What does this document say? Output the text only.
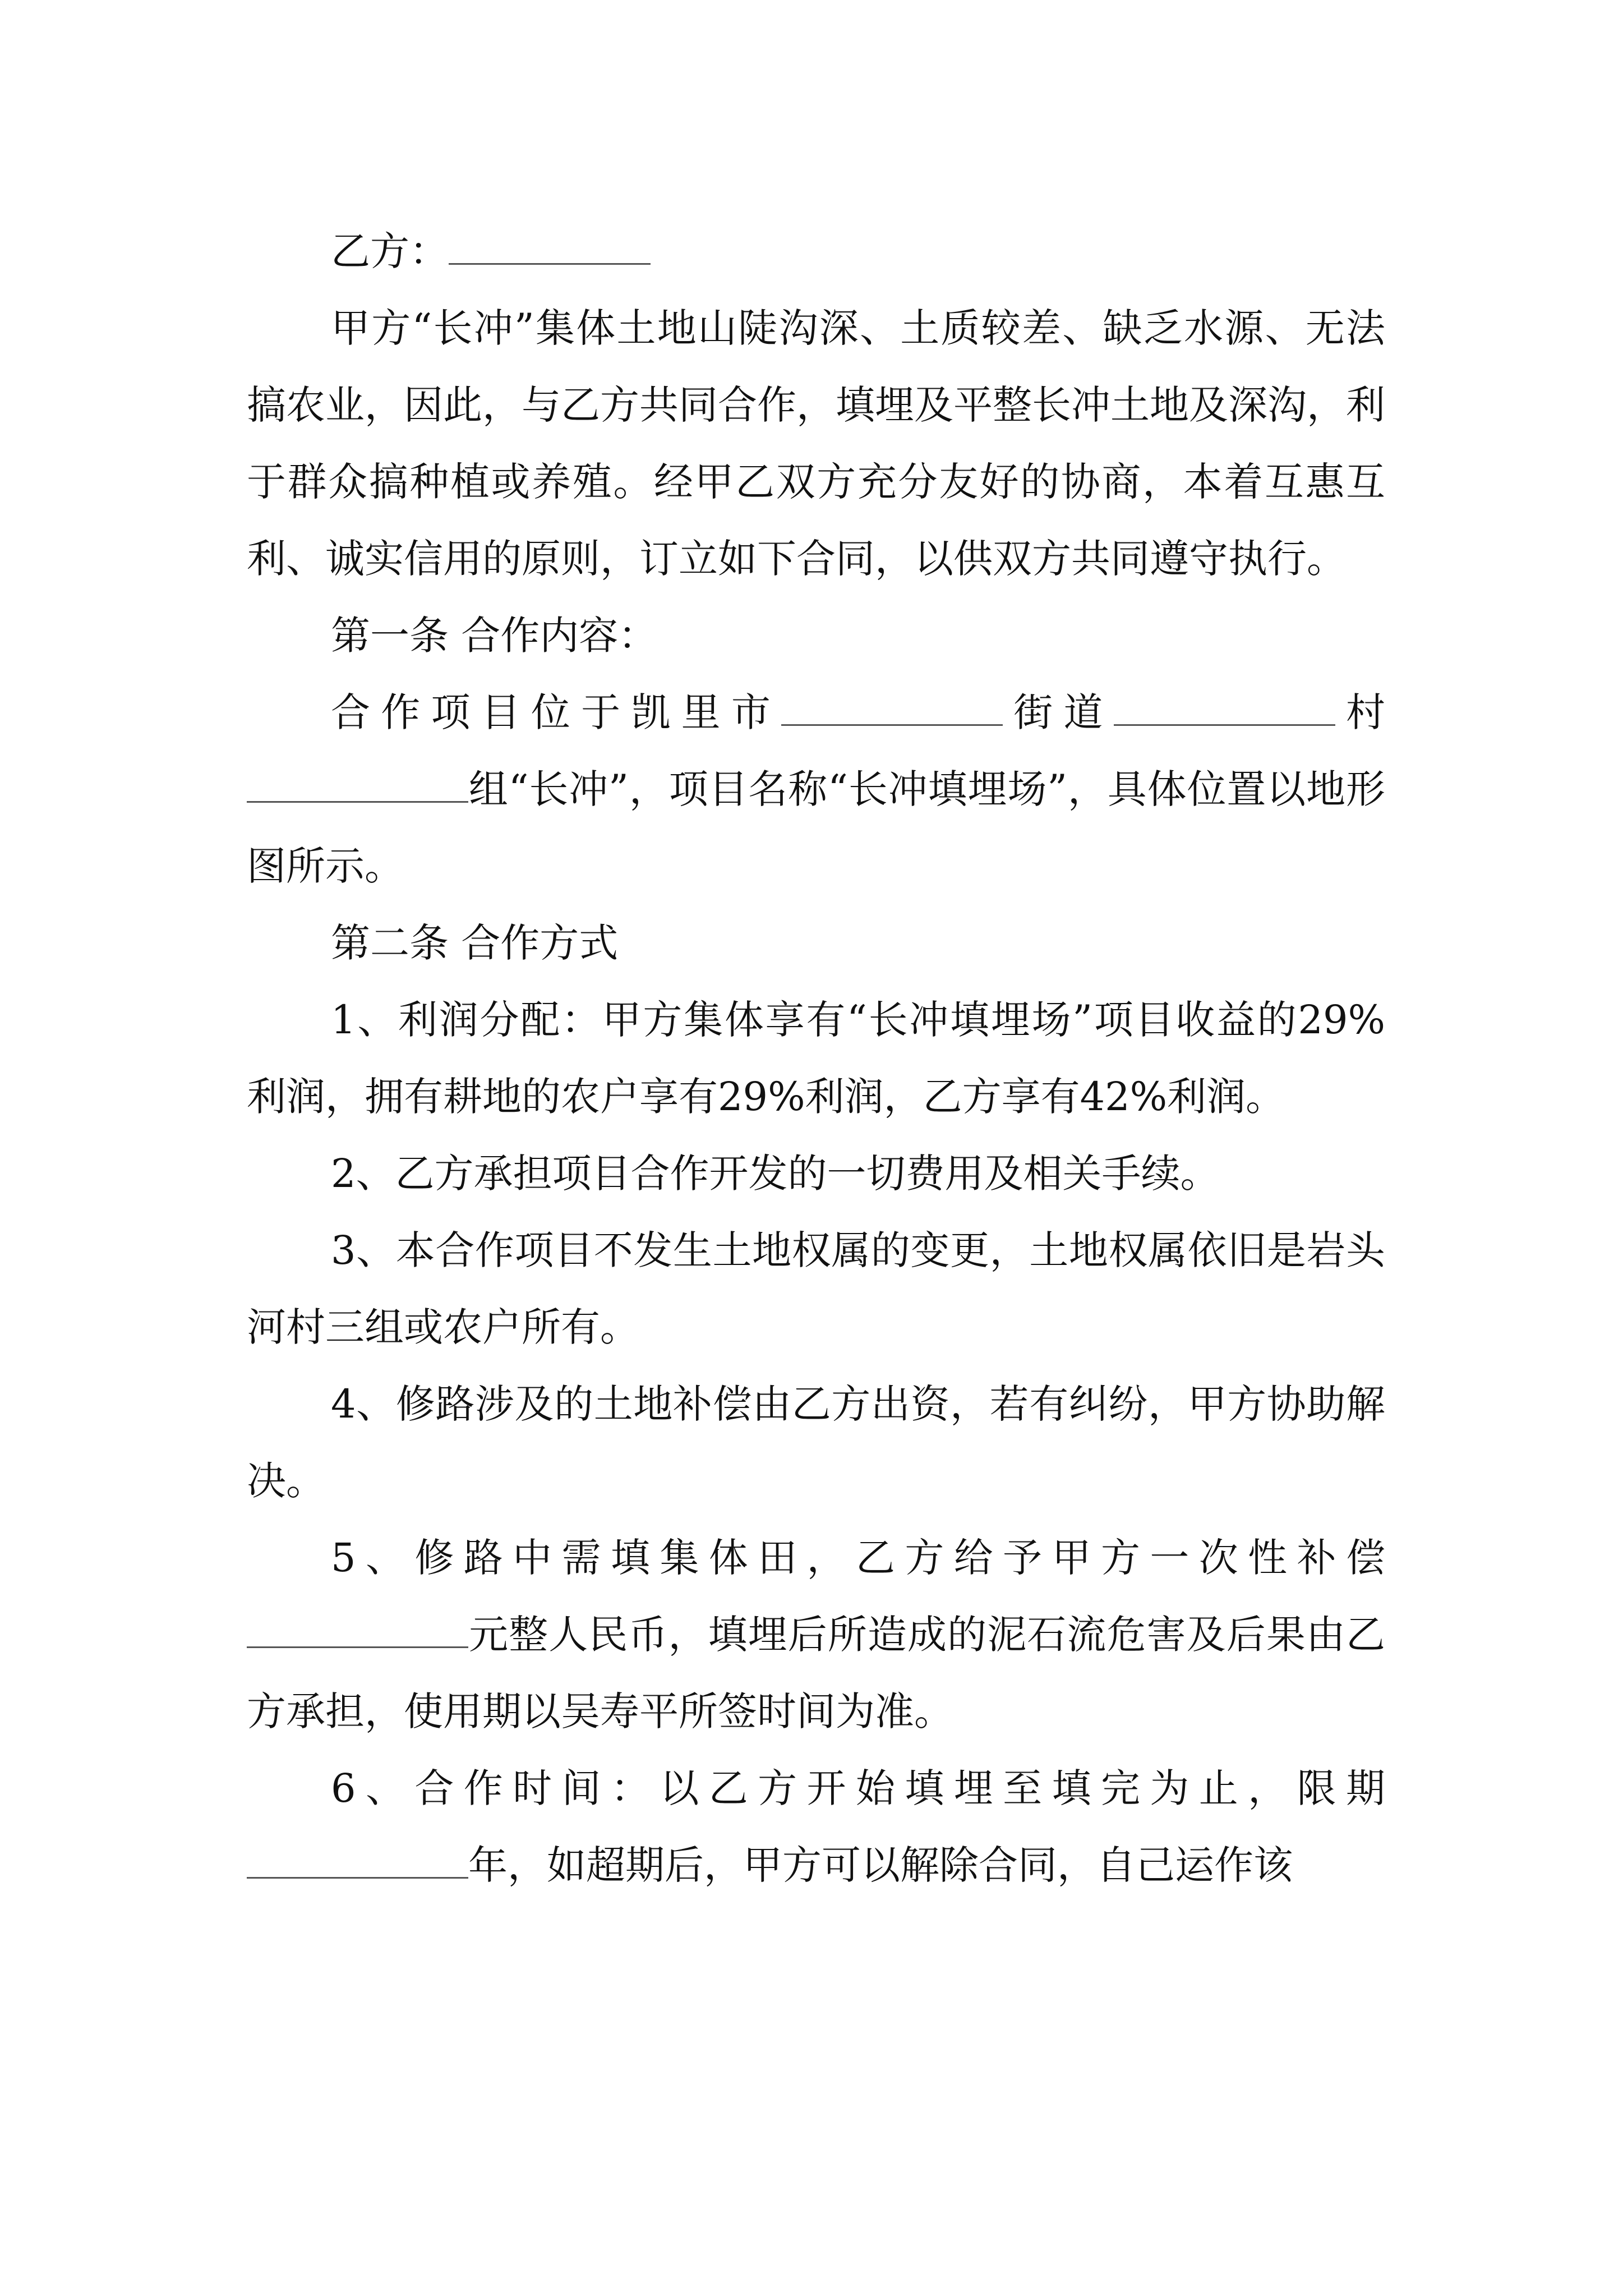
乙方：

甲方“长冲”集体土地山陡沟深、土质较差、缺乏水源、无法搞农业，因此，与乙方共同合作，填埋及平整长冲土地及深沟，利于群众搞种植或养殖。经甲乙双方充分友好的协商，本着互惠互利、诚实信用的原则，订立如下合同，以供双方共同遵守执行。

第一条 合作内容：

合作项目位于凯里市	街道	村组“长冲”，项目名称“长冲填埋场”，具体位置以地形图所示。

第二条 合作方式

1、利润分配：甲方集体享有“长冲填埋场”项目收益的29%利润，拥有耕地的农户享有29%利润，乙方享有42%利润。

2、乙方承担项目合作开发的一切费用及相关手续。

3、本合作项目不发生土地权属的变更，土地权属依旧是岩头河村三组或农户所有。

4、修路涉及的土地补偿由乙方出资，若有纠纷，甲方协助解决。

5、修路中需填集体田，乙方给予甲方一次性补偿元整人民币，填埋后所造成的泥石流危害及后果由乙方承担，使用期以吴寿平所签时间为准。

6、合作时间：以乙方开始填埋至填完为止，限期年，如超期后，甲方可以解除合同，自己运作该
